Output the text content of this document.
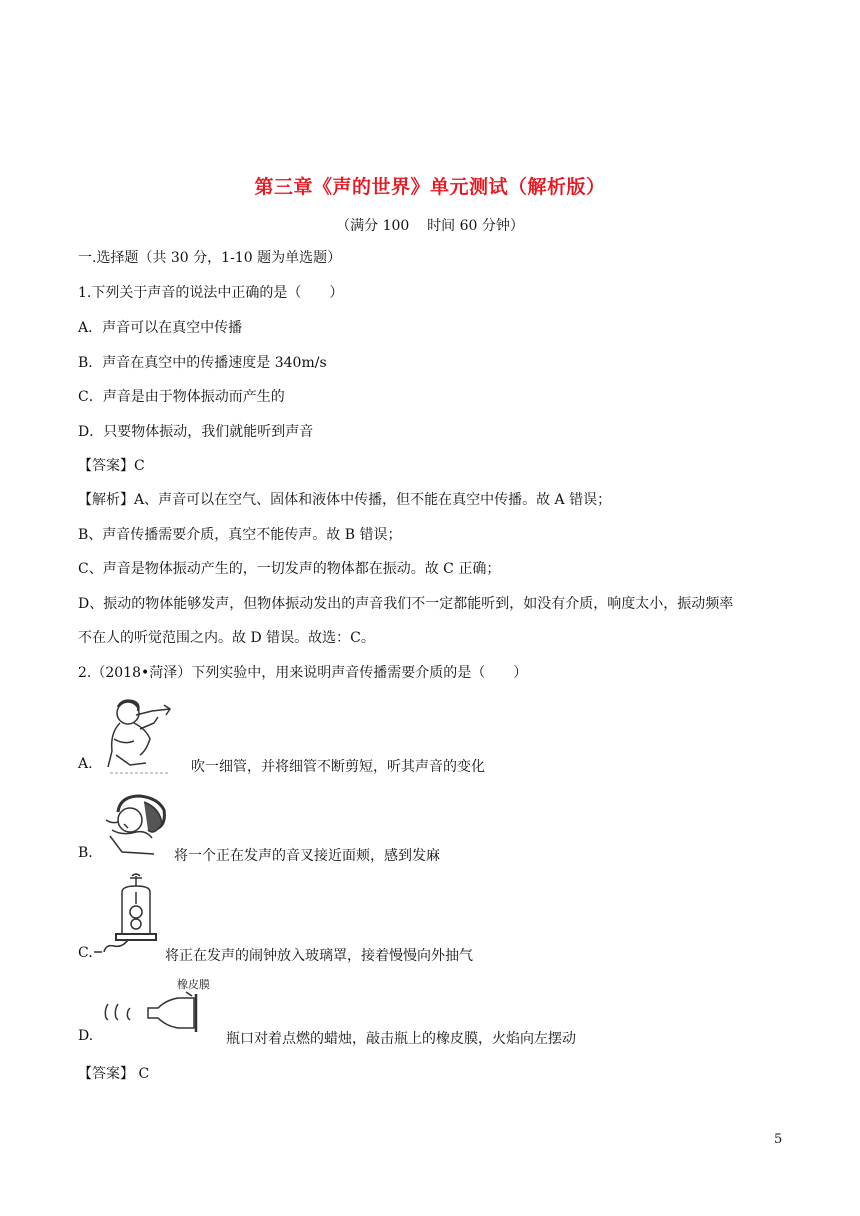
第三章《声的世界》单元测试（解析版）
（满分 100    时间 60 分钟）
一.选择题（共 30 分，1-10 题为单选题）
1.下列关于声音的说法中正确的是（　　）
A．声音可以在真空中传播
B．声音在真空中的传播速度是 340m/s
C．声音是由于物体振动而产生的
D．只要物体振动，我们就能听到声音
【答案】C
【解析】A、声音可以在空气、固体和液体中传播，但不能在真空中传播。故 A 错误；
B、声音传播需要介质，真空不能传声。故 B 错误；
C、声音是物体振动产生的，一切发声的物体都在振动。故 C 正确；
D、振动的物体能够发声，但物体振动发出的声音我们不一定都能听到，如没有介质，响度太小，振动频率
不在人的听觉范围之内。故 D 错误。故选：C。
2.（2018•菏泽）下列实验中，用来说明声音传播需要介质的是（　　）
A.	吹一细管，并将细管不断剪短，听其声音的变化
B.	将一个正在发声的音叉接近面颊，感到发麻
C.	将正在发声的闹钟放入玻璃罩，接着慢慢向外抽气
橡皮膜
D.	瓶口对着点燃的蜡烛，敲击瓶上的橡皮膜，火焰向左摆动
【答案】 C
5
